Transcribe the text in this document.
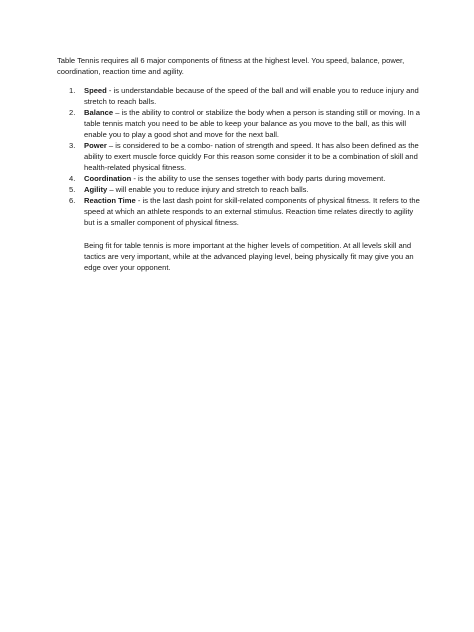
Table Tennis requires all 6 major components of fitness at the highest level. You speed, balance, power, coordination, reaction time and agility.

1. Speed - is understandable because of the speed of the ball and will enable you to reduce injury and stretch to reach balls.
2. Balance – is the ability to control or stabilize the body when a person is standing still or moving. In a table tennis match you need to be able to keep your balance as you move to the ball, as this will enable you to play a good shot and move for the next ball.
3. Power – is considered to be a combo- nation of strength and speed. It has also been defined as the ability to exert muscle force quickly For this reason some consider it to be a combination of skill and health-related physical fitness.
4. Coordination - is the ability to use the senses together with body parts during movement.
5. Agility – will enable you to reduce injury and stretch to reach balls.
6. Reaction Time - is the last dash point for skill-related components of physical fitness. It refers to the speed at which an athlete responds to an external stimulus. Reaction time relates directly to agility but is a smaller component of physical fitness.

Being fit for table tennis is more important at the higher levels of competition. At all levels skill and tactics are very important, while at the advanced playing level, being physically fit may give you an edge over your opponent.
